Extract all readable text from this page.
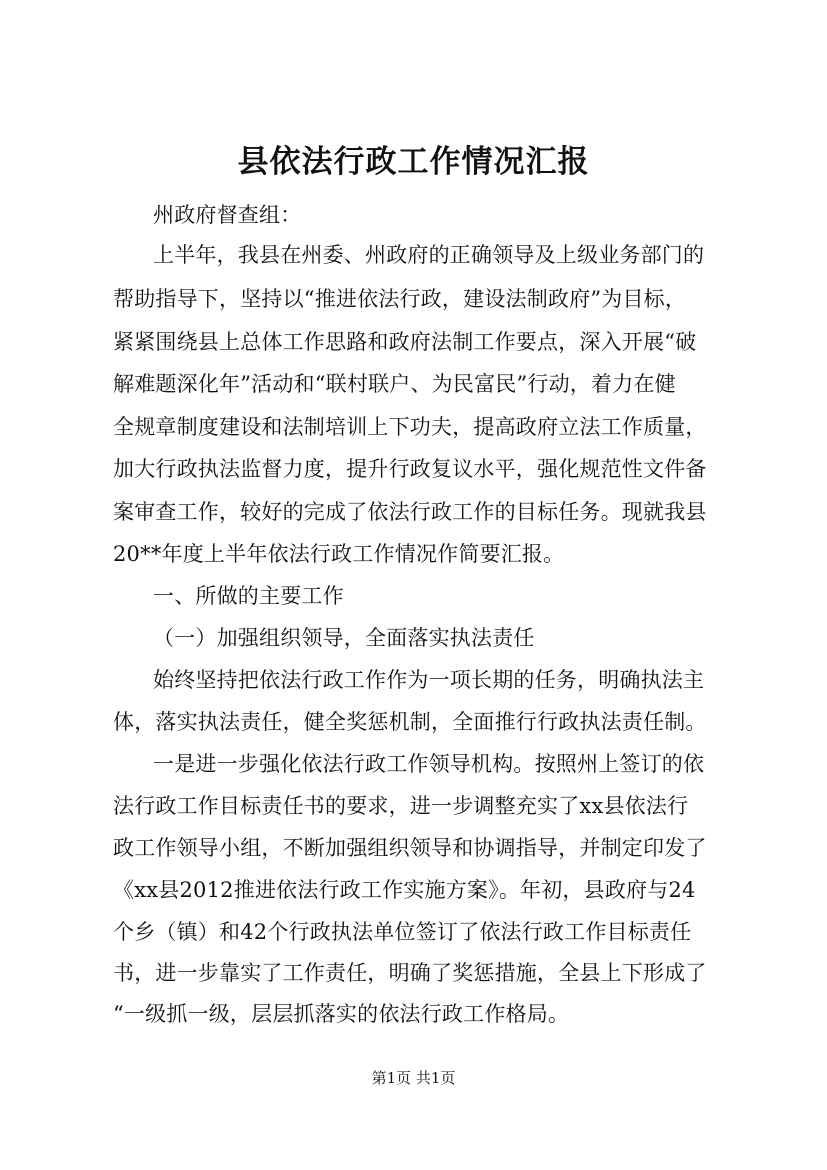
县依法行政工作情况汇报
州政府督查组：
上半年，我县在州委、州政府的正确领导及上级业务部门的
帮助指导下，坚持以“推进依法行政，建设法制政府”为目标，
紧紧围绕县上总体工作思路和政府法制工作要点，深入开展“破
解难题深化年”活动和“联村联户、为民富民”行动，着力在健
全规章制度建设和法制培训上下功夫，提高政府立法工作质量，
加大行政执法监督力度，提升行政复议水平，强化规范性文件备
案审查工作，较好的完成了依法行政工作的目标任务。现就我县
20**年度上半年依法行政工作情况作简要汇报。
一、所做的主要工作
（一）加强组织领导，全面落实执法责任
始终坚持把依法行政工作作为一项长期的任务，明确执法主
体，落实执法责任，健全奖惩机制，全面推行行政执法责任制。
一是进一步强化依法行政工作领导机构。按照州上签订的依
法行政工作目标责任书的要求，进一步调整充实了xx县依法行
政工作领导小组，不断加强组织领导和协调指导，并制定印发了
《xx县2012推进依法行政工作实施方案》。年初，县政府与24
个乡（镇）和42个行政执法单位签订了依法行政工作目标责任
书，进一步靠实了工作责任，明确了奖惩措施，全县上下形成了
“一级抓一级，层层抓落实的依法行政工作格局。
第1页 共1页
